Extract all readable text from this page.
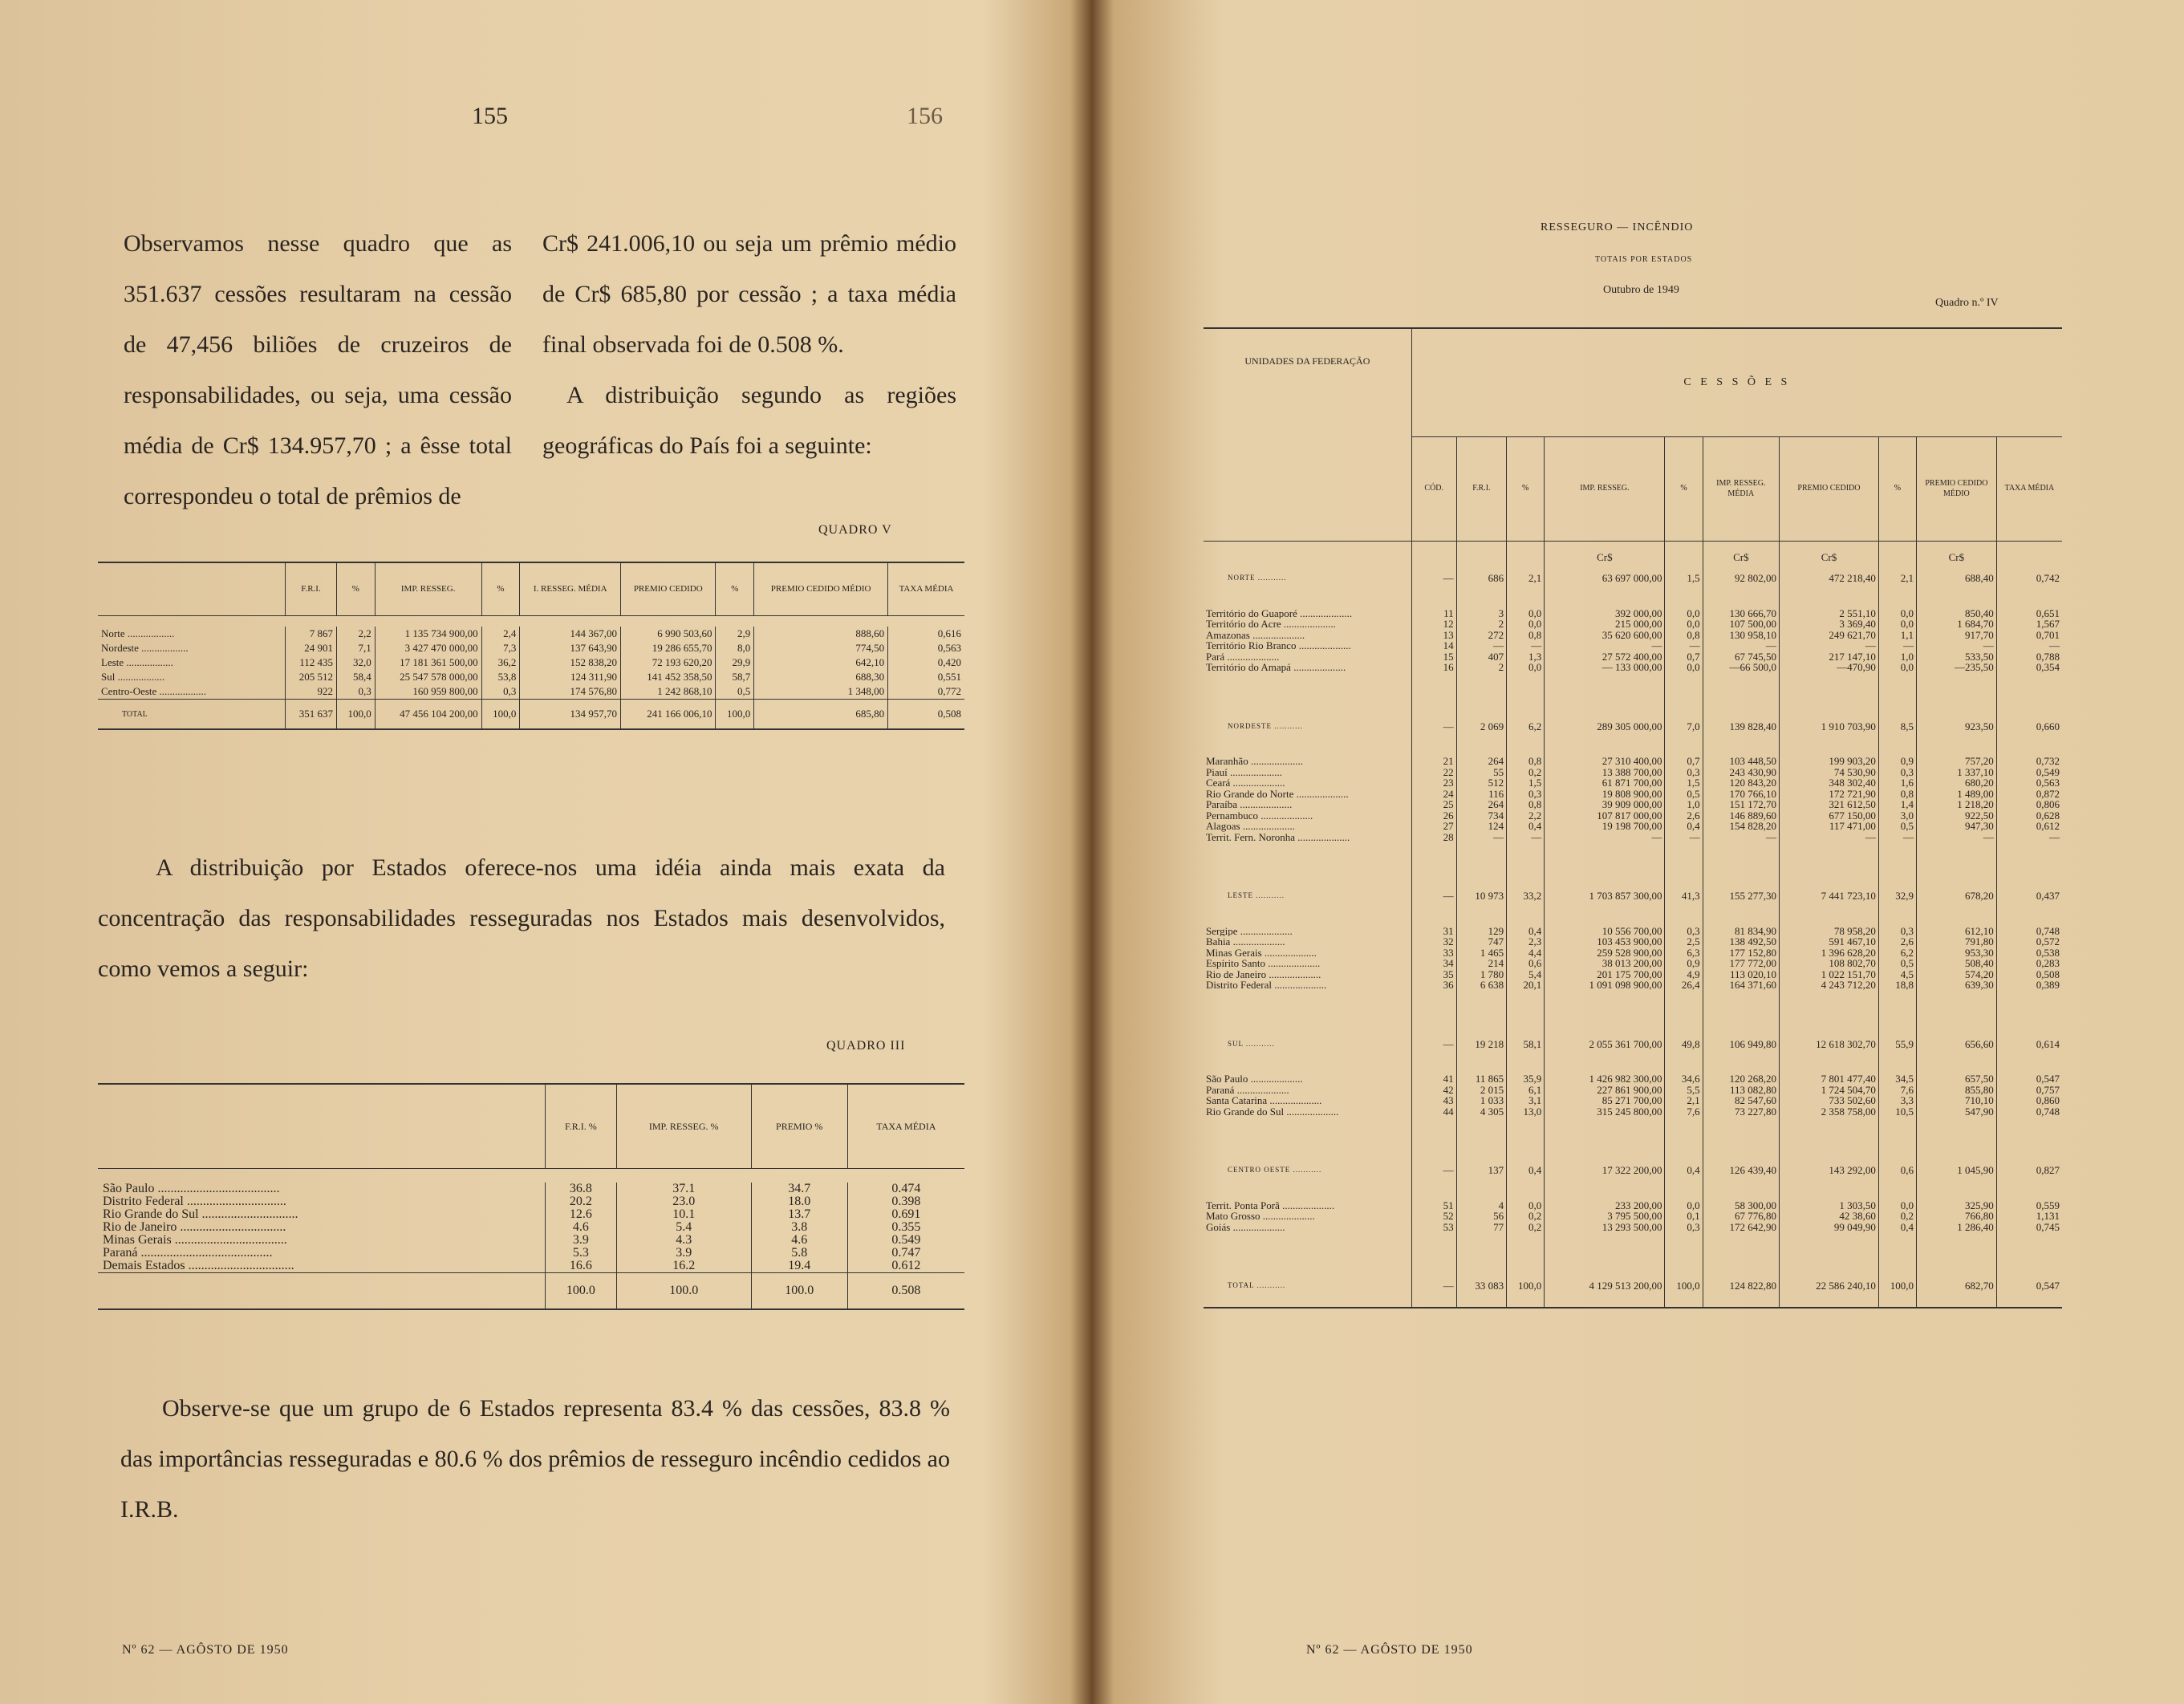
155
Observamos nesse quadro que as 351.637 cessões resultaram na cessão de 47,456 biliões de cruzeiros de responsabilidades, ou seja, uma cessão média de Cr$ 134.957,70 ; a êsse total correspondeu o total de prêmios de
Cr$ 241.006,10 ou seja um prêmio médio de Cr$ 685,80 por cessão ; a taxa média final observada foi de 0.508 %.
A distribuição segundo as regiões geográficas do País foi a seguinte:
QUADRO V
	F.R.I.	%	IMP. RESSEG.	%	I. RESSEG. MÉDIA	PREMIO CEDIDO	%	PREMIO CEDIDO MÉDIO	TAXA MÉDIA

Norte ..................	7 867	2,2	1 135 734 900,00	2,4	144 367,00	6 990 503,60	2,9	888,60	0,616
Nordeste ..................	24 901	7,1	3 427 470 000,00	7,3	137 643,90	19 286 655,70	8,0	774,50	0,563
Leste ..................	112 435	32,0	17 181 361 500,00	36,2	152 838,20	72 193 620,20	29,9	642,10	0,420
Sul ..................	205 512	58,4	25 547 578 000,00	53,8	124 311,90	141 452 358,50	58,7	688,30	0,551
Centro-Oeste ..................	922	0,3	160 959 800,00	0,3	174 576,80	1 242 868,10	0,5	1 348,00	0,772
TOTAL	351 637	100,0	47 456 104 200,00	100,0	134 957,70	241 166 006,10	100,0	685,80	0,508
A distribuição por Estados oferece-nos uma idéia ainda mais exata da concentração das responsabilidades resseguradas nos Estados mais desenvolvidos, como vemos a seguir:
QUADRO III
	F.R.I. %	IMP. RESSEG. %	PREMIO %	TAXA MÉDIA

São Paulo ......................................	36.8	37.1	34.7	0.474
Distrito Federal ...............................	20.2	23.0	18.0	0.398
Rio Grande do Sul ..............................	12.6	10.1	13.7	0.691
Rio de Janeiro .................................	4.6	5.4	3.8	0.355
Minas Gerais ...................................	3.9	4.3	4.6	0.549
Paraná .........................................	5.3	3.9	5.8	0.747
Demais Estados .................................	16.6	16.2	19.4	0.612
	100.0	100.0	100.0	0.508
Observe-se que um grupo de 6 Estados representa 83.4 % das cessões, 83.8 % das importâncias resseguradas e 80.6 % dos prêmios de resseguro incêndio cedidos ao I.R.B.
Nº 62 — AGÔSTO DE 1950
156
RESSEGURO — INCÊNDIO
TOTAIS POR ESTADOS
Outubro de 1949
Quadro n.º IV
UNIDADES DA FEDERAÇÃO	C E S S Õ E S									
	CÓD.	F.R.I.	%	IMP. RESSEG.	%	IMP. RESSEG. MÉDIA	PREMIO CEDIDO	%	PREMIO CEDIDO MÉDIO	TAXA MÉDIA
				Cr$		Cr$	Cr$		Cr$	
NORTE ...........	—	686	2,1	63 697 000,00	1,5	92 802,00	472 218,40	2,1	688,40	0,742

Território do Guaporé ....................	11	3	0,0	392 000,00	0,0	130 666,70	2 551,10	0,0	850,40	0,651
Território do Acre ....................	12	2	0,0	215 000,00	0,0	107 500,00	3 369,40	0,0	1 684,70	1,567
Amazonas ....................	13	272	0,8	35 620 600,00	0,8	130 958,10	249 621,70	1,1	917,70	0,701
Território Rio Branco ....................	14	—	—	—	—	—	—	—	—	—
Pará ....................	15	407	1,3	27 572 400,00	0,7	67 745,50	217 147,10	1,0	533,50	0,788
Território do Amapá ....................	16	2	0,0	— 133 000,00	0,0	—66 500,0	—470,90	0,0	—235,50	0,354

NORDESTE ...........	—	2 069	6,2	289 305 000,00	7,0	139 828,40	1 910 703,90	8,5	923,50	0,660

Maranhão ....................	21	264	0,8	27 310 400,00	0,7	103 448,50	199 903,20	0,9	757,20	0,732
Piauí ....................	22	55	0,2	13 388 700,00	0,3	243 430,90	74 530,90	0,3	1 337,10	0,549
Ceará ....................	23	512	1,5	61 871 700,00	1,5	120 843,20	348 302,40	1,6	680,20	0,563
Rio Grande do Norte ....................	24	116	0,3	19 808 900,00	0,5	170 766,10	172 721,90	0,8	1 489,00	0,872
Paraíba ....................	25	264	0,8	39 909 000,00	1,0	151 172,70	321 612,50	1,4	1 218,20	0,806
Pernambuco ....................	26	734	2,2	107 817 000,00	2,6	146 889,60	677 150,00	3,0	922,50	0,628
Alagoas ....................	27	124	0,4	19 198 700,00	0,4	154 828,20	117 471,00	0,5	947,30	0,612
Territ. Fern. Noronha ....................	28	—	—	—	—	—	—	—	—	—

LESTE ...........	—	10 973	33,2	1 703 857 300,00	41,3	155 277,30	7 441 723,10	32,9	678,20	0,437

Sergipe ....................	31	129	0,4	10 556 700,00	0,3	81 834,90	78 958,20	0,3	612,10	0,748
Bahia ....................	32	747	2,3	103 453 900,00	2,5	138 492,50	591 467,10	2,6	791,80	0,572
Minas Gerais ....................	33	1 465	4,4	259 528 900,00	6,3	177 152,80	1 396 628,20	6,2	953,30	0,538
Espírito Santo ....................	34	214	0,6	38 013 200,00	0,9	177 772,00	108 802,70	0,5	508,40	0,283
Rio de Janeiro ....................	35	1 780	5,4	201 175 700,00	4,9	113 020,10	1 022 151,70	4,5	574,20	0,508
Distrito Federal ....................	36	6 638	20,1	1 091 098 900,00	26,4	164 371,60	4 243 712,20	18,8	639,30	0,389

SUL ...........	—	19 218	58,1	2 055 361 700,00	49,8	106 949,80	12 618 302,70	55,9	656,60	0,614

São Paulo ....................	41	11 865	35,9	1 426 982 300,00	34,6	120 268,20	7 801 477,40	34,5	657,50	0,547
Paraná ....................	42	2 015	6,1	227 861 900,00	5,5	113 082,80	1 724 504,70	7,6	855,80	0,757
Santa Catarina ....................	43	1 033	3,1	85 271 700,00	2,1	82 547,60	733 502,60	3,3	710,10	0,860
Rio Grande do Sul ....................	44	4 305	13,0	315 245 800,00	7,6	73 227,80	2 358 758,00	10,5	547,90	0,748

CENTRO OESTE ...........	—	137	0,4	17 322 200,00	0,4	126 439,40	143 292,00	0,6	1 045,90	0,827

Territ. Ponta Porã ....................	51	4	0,0	233 200,00	0,0	58 300,00	1 303,50	0,0	325,90	0,559
Mato Grosso ....................	52	56	0,2	3 795 500,00	0,1	67 776,80	42 38,60	0,2	766,80	1,131
Goiás ....................	53	77	0,2	13 293 500,00	0,3	172 642,90	99 049,90	0,4	1 286,40	0,745

TOTAL ...........	—	33 083	100,0	4 129 513 200,00	100,0	124 822,80	22 586 240,10	100,0	682,70	0,547

Nº 62 — AGÔSTO DE 1950
